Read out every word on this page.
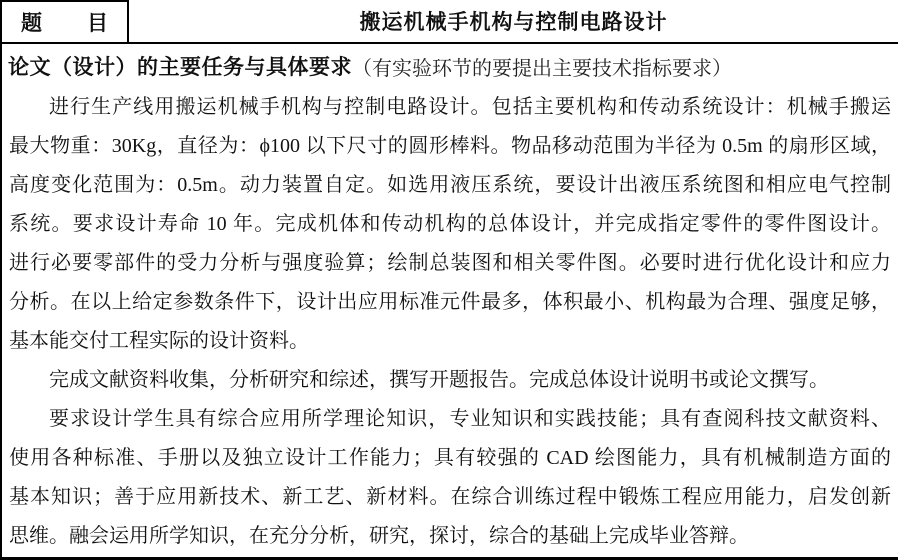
题 目	搬运机械手机构与控制电路设计
论文（设计）的主要任务与具体要求 （有实验环节的要提出主要技术指标要求）
进行生产线用搬运机械手机构与控制电路设计。包括主要机构和传动系统设计：机械手搬运
最大物重：30Kg，直径为：ϕ100 以下尺寸的圆形棒料。物品移动范围为半径为 0.5m 的扇形区域，
高度变化范围为：0.5m。动力装置自定。如选用液压系统，要设计出液压系统图和相应电气控制
系统。要求设计寿命 10 年。完成机体和传动机构的总体设计，并完成指定零件的零件图设计。
进行必要零部件的受力分析与强度验算；绘制总装图和相关零件图。必要时进行优化设计和应力
分析。在以上给定参数条件下，设计出应用标准元件最多，体积最小、机构最为合理、强度足够，
基本能交付工程实际的设计资料。
完成文献资料收集，分析研究和综述，撰写开题报告。完成总体设计说明书或论文撰写。
要求设计学生具有综合应用所学理论知识，专业知识和实践技能；具有查阅科技文献资料、
使用各种标准、手册以及独立设计工作能力；具有较强的 CAD 绘图能力，具有机械制造方面的
基本知识；善于应用新技术、新工艺、新材料。在综合训练过程中锻炼工程应用能力，启发创新
思维。融会运用所学知识，在充分分析，研究，探讨，综合的基础上完成毕业答辩。
